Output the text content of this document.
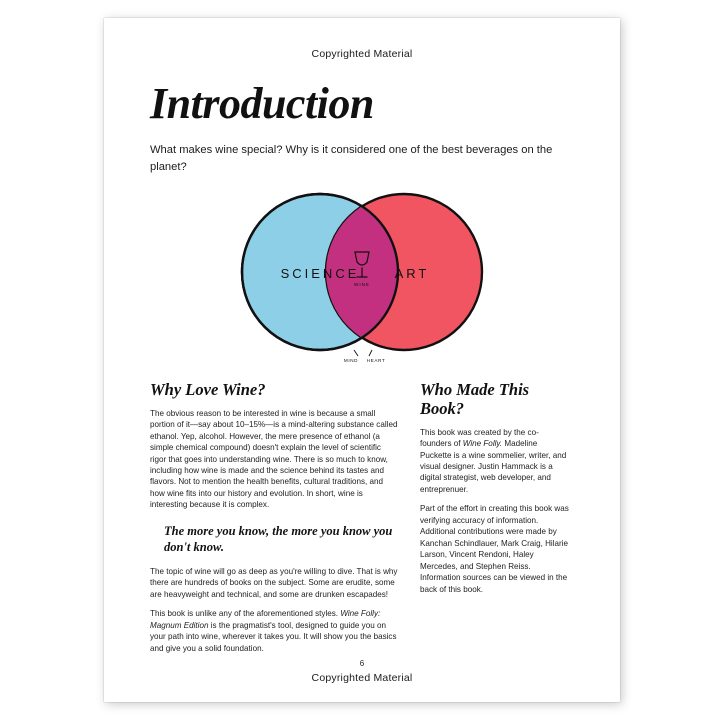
Copyrighted Material
Introduction

What makes wine special? Why is it considered one of the best beverages on the planet?

SCIENCE	ART
WINE
MIND HEART
Why Love Wine?

The obvious reason to be interested in wine is because a small portion of it—say about 10–15%—is a mind-altering substance called ethanol. Yep, alcohol. However, the mere presence of ethanol (a simple chemical compound) doesn't explain the level of scientific rigor that goes into understanding wine. There is so much to know, including how wine is made and the science behind its tastes and flavors. Not to mention the health benefits, cultural traditions, and how wine fits into our history and evolution. In short, wine is interesting because it is complex.

The more you know, the more you know you don't know.

The topic of wine will go as deep as you're willing to dive. That is why there are hundreds of books on the subject. Some are erudite, some are heavyweight and technical, and some are drunken escapades!

This book is unlike any of the aforementioned styles. Wine Folly: Magnum Edition is the pragmatist's tool, designed to guide you on your path into wine, wherever it takes you. It will show you the basics and give you a solid foundation.

Who Made This Book?

This book was created by the co-founders of Wine Folly. Madeline Puckette is a wine sommelier, writer, and visual designer. Justin Hammack is a digital strategist, web developer, and entreprenuer.

Part of the effort in creating this book was verifying accuracy of information. Additional contributions were made by Kanchan Schindlauer, Mark Craig, Hilarie Larson, Vincent Rendoni, Haley Mercedes, and Stephen Reiss. Information sources can be viewed in the back of this book.

6
Copyrighted Material
